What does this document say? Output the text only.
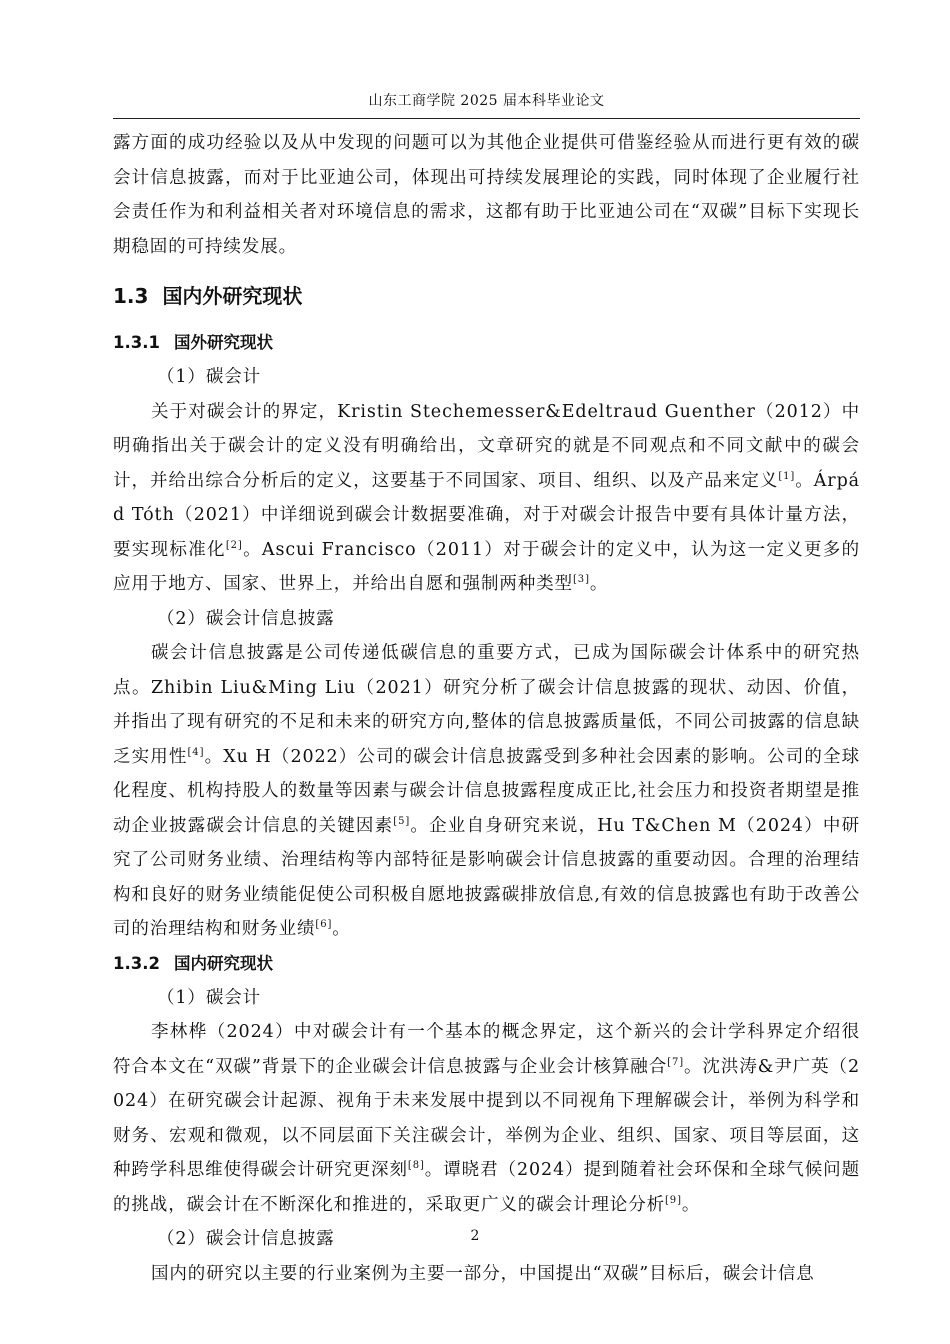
山东工商学院 2025 届本科毕业论文

露方面的成功经验以及从中发现的问题可以为其他企业提供可借鉴经验从而进行更有效的碳会计信息披露，而对于比亚迪公司，体现出可持续发展理论的实践，同时体现了企业履行社会责任作为和利益相关者对环境信息的需求，这都有助于比亚迪公司在“双碳”目标下实现长期稳固的可持续发展。

1.3 国内外研究现状
1.3.1 国外研究现状

（1）碳会计

关于对碳会计的界定，Kristin Stechemesser&Edeltraud Guenther（2012）中明确指出关于碳会计的定义没有明确给出，文章研究的就是不同观点和不同文献中的碳会计，并给出综合分析后的定义，这要基于不同国家、项目、组织、以及产品来定义[1]。Árpád Tóth（2021）中详细说到碳会计数据要准确，对于对碳会计报告中要有具体计量方法，要实现标准化[2]。Ascui Francisco（2011）对于碳会计的定义中，认为这一定义更多的应用于地方、国家、世界上，并给出自愿和强制两种类型[3]。

（2）碳会计信息披露

碳会计信息披露是公司传递低碳信息的重要方式，已成为国际碳会计体系中的研究热点。Zhibin Liu&Ming Liu（2021）研究分析了碳会计信息披露的现状、动因、价值，并指出了现有研究的不足和未来的研究方向,整体的信息披露质量低，不同公司披露的信息缺乏实用性[4]。Xu H（2022）公司的碳会计信息披露受到多种社会因素的影响。公司的全球化程度、机构持股人的数量等因素与碳会计信息披露程度成正比,社会压力和投资者期望是推动企业披露碳会计信息的关键因素[5]。企业自身研究来说，Hu T&Chen M（2024）中研究了公司财务业绩、治理结构等内部特征是影响碳会计信息披露的重要动因。合理的治理结构和良好的财务业绩能促使公司积极自愿地披露碳排放信息,有效的信息披露也有助于改善公司的治理结构和财务业绩[6]。

1.3.2 国内研究现状

（1）碳会计

李林桦（2024）中对碳会计有一个基本的概念界定，这个新兴的会计学科界定介绍很符合本文在“双碳”背景下的企业碳会计信息披露与企业会计核算融合[7]。沈洪涛&尹广英（2024）在研究碳会计起源、视角于未来发展中提到以不同视角下理解碳会计，举例为科学和财务、宏观和微观，以不同层面下关注碳会计，举例为企业、组织、国家、项目等层面，这种跨学科思维使得碳会计研究更深刻[8]。谭晓君（2024）提到随着社会环保和全球气候问题的挑战，碳会计在不断深化和推进的，采取更广义的碳会计理论分析[9]。

（2）碳会计信息披露

国内的研究以主要的行业案例为主要一部分，中国提出“双碳”目标后，碳会计信息

2
